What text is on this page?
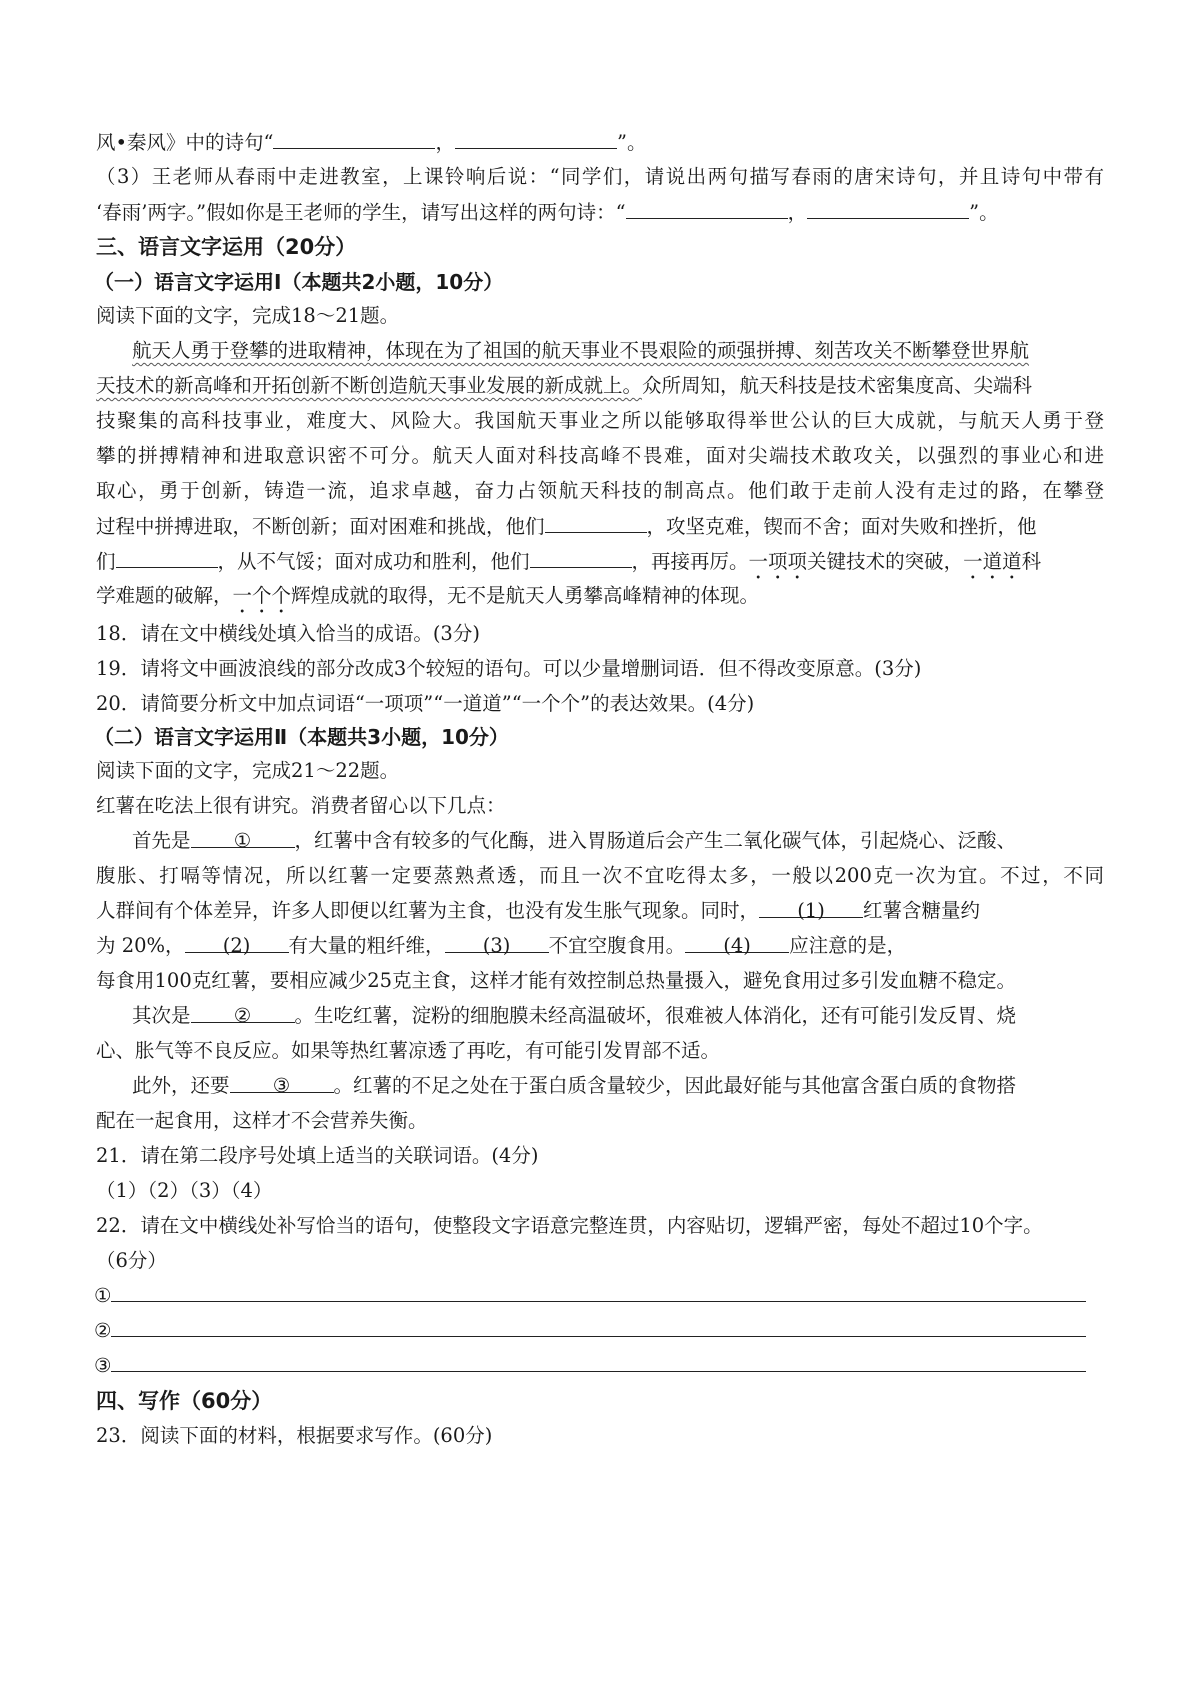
风•秦风》中的诗句“	，	”。
（3）王老师从春雨中走进教室，上课铃响后说：“同学们，请说出两句描写春雨的唐宋诗句，并且诗句中带有
‘春雨’两字。”假如你是王老师的学生，请写出这样的两句诗：“	，	”。
三、语言文字运用（20分）
（一）语言文字运用Ⅰ（本题共2小题，10分）
阅读下面的文字，完成18～21题。
航天人勇于登攀的进取精神，体现在为了祖国的航天事业不畏艰险的顽强拼搏、刻苦攻关不断攀登世界航
天技术的新高峰和开拓创新不断创造航天事业发展的新成就上。众所周知，航天科技是技术密集度高、尖端科
技聚集的高科技事业，难度大、风险大。我国航天事业之所以能够取得举世公认的巨大成就，与航天人勇于登
攀的拼搏精神和进取意识密不可分。航天人面对科技高峰不畏难，面对尖端技术敢攻关，以强烈的事业心和进
取心，勇于创新，铸造一流，追求卓越，奋力占领航天科技的制高点。他们敢于走前人没有走过的路，在攀登
过程中拼搏进取，不断创新；面对困难和挑战，他们	，攻坚克难，锲而不舍；面对失败和挫折，他
们	，从不气馁；面对成功和胜利，他们	，再接再厉。一项项关键技术的突破，一道道科
学难题的破解，一个个辉煌成就的取得，无不是航天人勇攀高峰精神的体现。
18．请在文中横线处填入恰当的成语。(3分)
19．请将文中画波浪线的部分改成3个较短的语句。可以少量增删词语．但不得改变原意。(3分)
20．请简要分析文中加点词语“一项项”“一道道”“一个个”的表达效果。(4分)
（二）语言文字运用Ⅱ（本题共3小题，10分）
阅读下面的文字，完成21～22题。
红薯在吃法上很有讲究。消费者留心以下几点：
首先是 ① ，红薯中含有较多的气化酶，进入胃肠道后会产生二氧化碳气体，引起烧心、泛酸、
腹胀、打嗝等情况，所以红薯一定要蒸熟煮透，而且一次不宜吃得太多，一般以200克一次为宜。不过，不同
人群间有个体差异，许多人即便以红薯为主食，也没有发生胀气现象。同时， (1) 红薯含糖量约
为 20%， (2) 有大量的粗纤维， (3) 不宜空腹食用。 (4) 应注意的是，
每食用100克红薯，要相应减少25克主食，这样才能有效控制总热量摄入，避免食用过多引发血糖不稳定。
其次是 ② 。生吃红薯，淀粉的细胞膜未经高温破坏，很难被人体消化，还有可能引发反胃、烧
心、胀气等不良反应。如果等热红薯凉透了再吃，有可能引发胃部不适。
此外，还要 ③ 。红薯的不足之处在于蛋白质含量较少，因此最好能与其他富含蛋白质的食物搭
配在一起食用，这样才不会营养失衡。
21．请在第二段序号处填上适当的关联词语。(4分)
（1）（2）（3）（4）
22．请在文中横线处补写恰当的语句，使整段文字语意完整连贯，内容贴切，逻辑严密，每处不超过10个字。
（6分）
①
②
③
四、写作（60分）
23．阅读下面的材料，根据要求写作。(60分)
